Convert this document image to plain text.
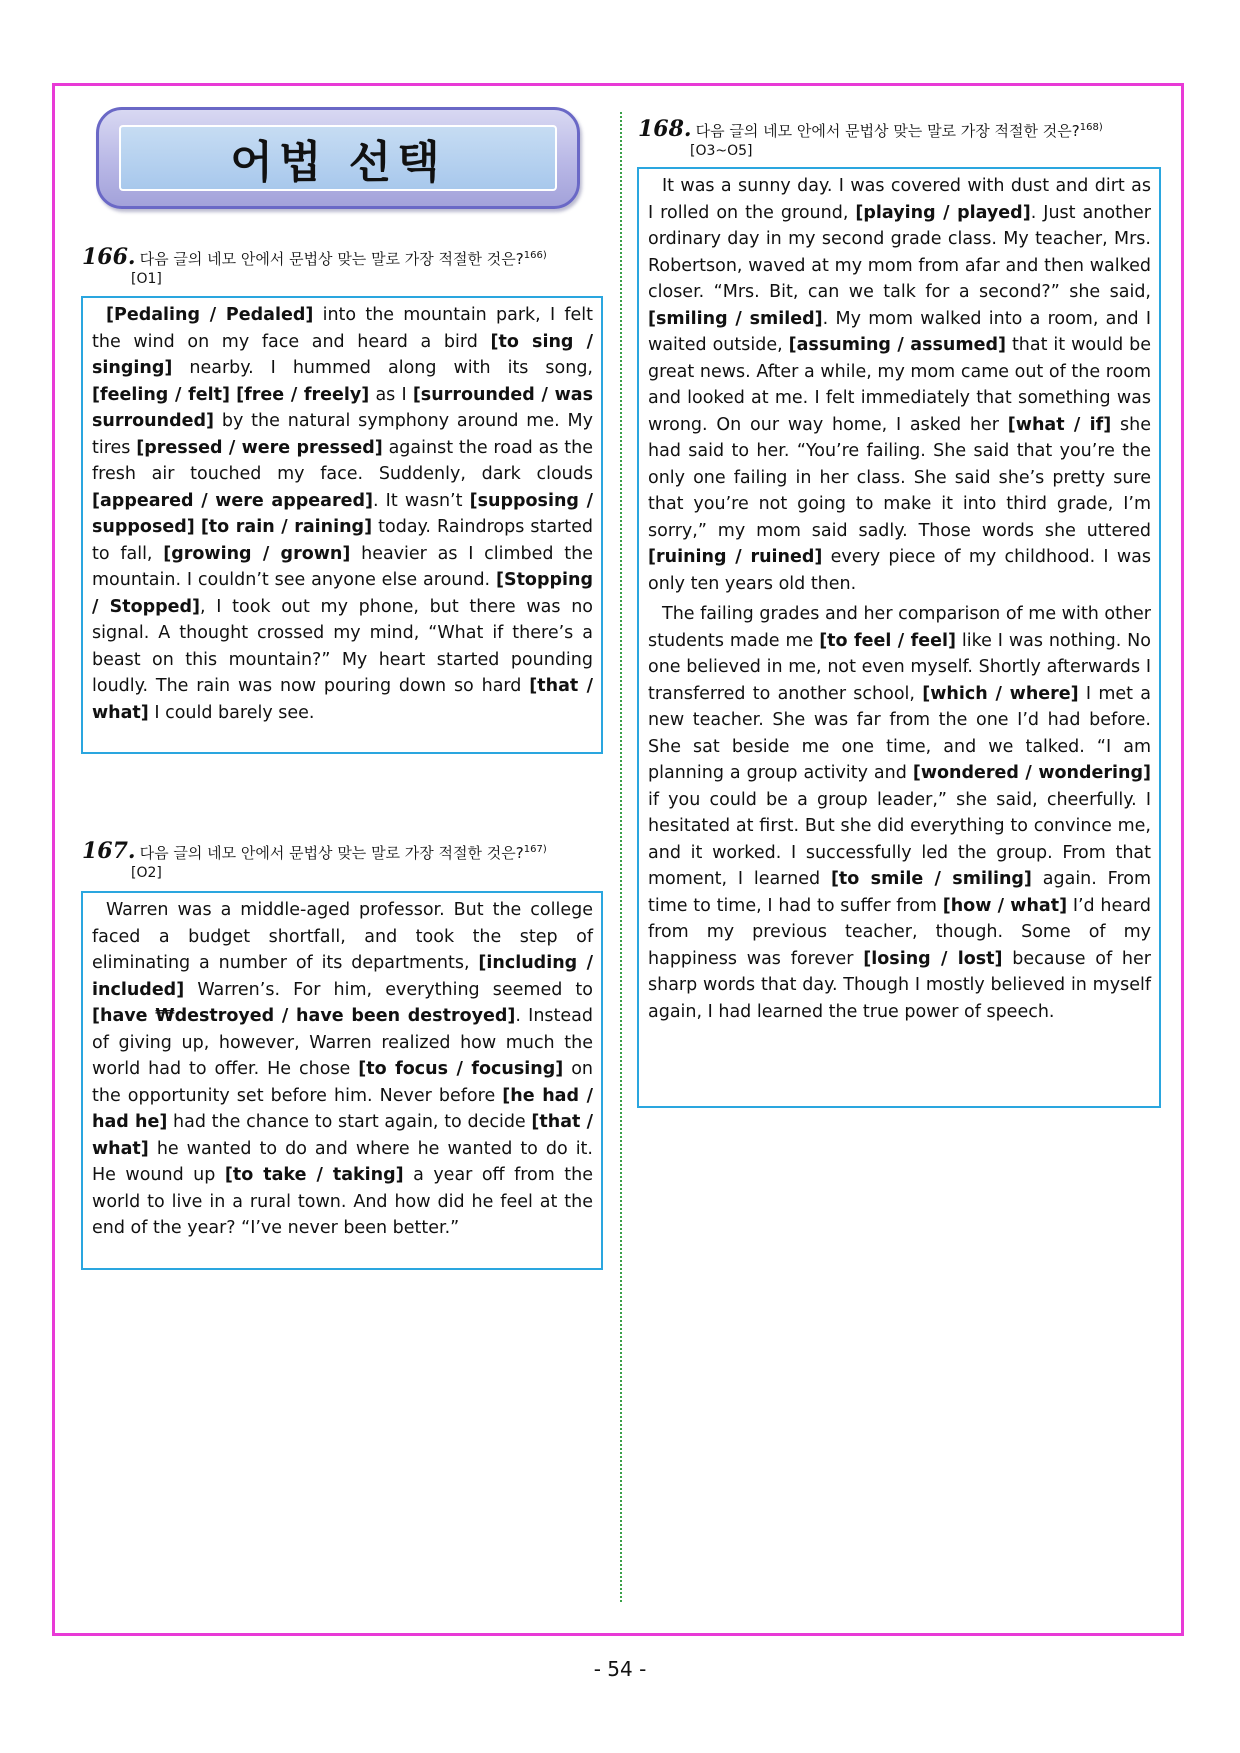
어법 선택
166. 다음 글의 네모 안에서 문법상 맞는 말로 가장 적절한 것은?$^{166)}$
[O1]

[Pedaling / Pedaled] into the mountain park, I felt the wind on my face and heard a bird [to sing / singing] nearby. I hummed along with its song, [feeling / felt] [free / freely] as I [surrounded / was surrounded] by the natural symphony around me. My tires [pressed / were pressed] against the road as the fresh air touched my face. Suddenly, dark clouds [appeared / were appeared]. It wasn’t [supposing / supposed] [to rain / raining] today. Raindrops started to fall, [growing / grown] heavier as I climbed the mountain. I couldn’t see anyone else around. [Stopping / Stopped], I took out my phone, but there was no signal. A thought crossed my mind, “What if there’s a beast on this mountain?” My heart started pounding loudly. The rain was now pouring down so hard [that / what] I could barely see.

167. 다음 글의 네모 안에서 문법상 맞는 말로 가장 적절한 것은?$^{167)}$
[O2]

Warren was a middle-aged professor. But the college faced a budget shortfall, and took the step of eliminating a number of its departments, [including / included] Warren’s. For him, everything seemed to [have ₩destroyed / have been destroyed]. Instead of giving up, however, Warren realized how much the world had to offer. He chose [to focus / focusing] on the opportunity set before him. Never before [he had / had he] had the chance to start again, to decide [that / what] he wanted to do and where he wanted to do it. He wound up [to take / taking] a year off from the world to live in a rural town. And how did he feel at the end of the year? “I’ve never been better.”

168. 다음 글의 네모 안에서 문법상 맞는 말로 가장 적절한 것은?$^{168)}$
[O3~O5]

It was a sunny day. I was covered with dust and dirt as I rolled on the ground, [playing / played]. Just another ordinary day in my second grade class. My teacher, Mrs. Robertson, waved at my mom from afar and then walked closer. “Mrs. Bit, can we talk for a second?” she said, [smiling / smiled]. My mom walked into a room, and I waited outside, [assuming / assumed] that it would be great news. After a while, my mom came out of the room and looked at me. I felt immediately that something was wrong. On our way home, I asked her [what / if] she had said to her. “You’re failing. She said that you’re the only one failing in her class. She said she’s pretty sure that you’re not going to make it into third grade, I’m sorry,” my mom said sadly. Those words she uttered [ruining / ruined] every piece of my childhood. I was only ten years old then.

The failing grades and her comparison of me with other students made me [to feel / feel] like I was nothing. No one believed in me, not even myself. Shortly afterwards I transferred to another school, [which / where] I met a new teacher. She was far from the one I’d had before. She sat beside me one time, and we talked. “I am planning a group activity and [wondered / wondering] if you could be a group leader,” she said, cheerfully. I hesitated at first. But she did everything to convince me, and it worked. I successfully led the group. From that moment, I learned [to smile / smiling] again. From time to time, I had to suffer from [how / what] I’d heard from my previous teacher, though. Some of my happiness was forever [losing / lost] because of her sharp words that day. Though I mostly believed in myself again, I had learned the true power of speech.

- 54 -
